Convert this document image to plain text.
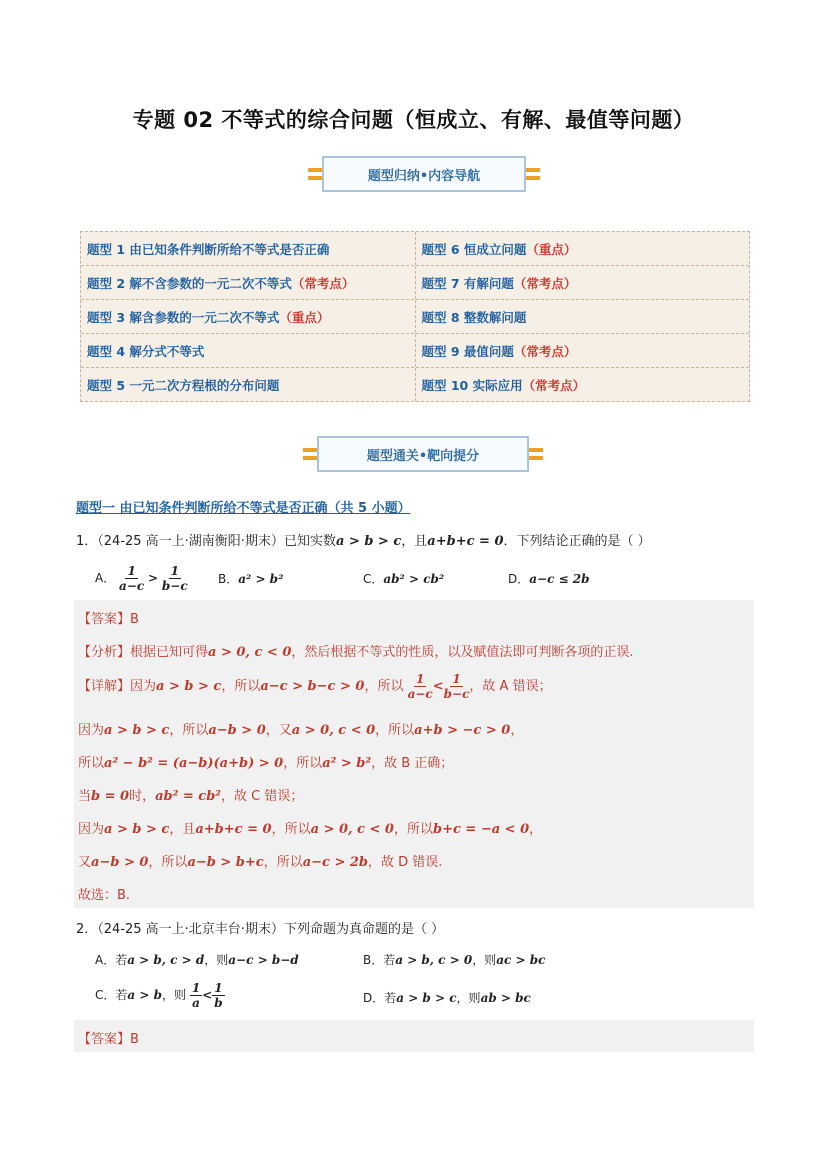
专题 02 不等式的综合问题（恒成立、有解、最值等问题）
题型归纳•内容导航
题型 1 由已知条件判断所给不等式是否正确	题型 6 恒成立问题 （重点）
题型 2 解不含参数的一元二次不等式 （常考点）	题型 7 有解问题 （常考点）
题型 3 解含参数的一元二次不等式 （重点）	题型 8 整数解问题
题型 4 解分式不等式	题型 9 最值问题 （常考点）
题型 5 一元二次方程根的分布问题	题型 10 实际应用 （常考点）
题型通关•靶向提分
题型一 由已知条件判断所给不等式是否正确（共 5 小题）
1．（24-25 高一上·湖南衡阳·期末）已知实数a > b > c，且a+b+c = 0．下列结论正确的是（ ）
A． $\frac{1}{a-c} > \frac{1}{b-c}$	B．a² > b²	C．ab² > cb²	D．a−c ≤ 2b
【答案】B
【分析】根据已知可得a > 0, c < 0，然后根据不等式的性质，以及赋值法即可判断各项的正误.
【详解】因为a > b > c，所以a−c > b−c > 0，所以 $\frac{1}{a-c} < \frac{1}{b-c}$ ，故 A 错误；
因为a > b > c，所以a−b > 0，又a > 0, c < 0，所以a+b > −c > 0，
所以a² − b² = (a−b)(a+b) > 0，所以a² > b²，故 B 正确；
当b = 0时，ab² = cb²，故 C 错误；
因为a > b > c，且a+b+c = 0，所以a > 0, c < 0，所以b+c = −a < 0，
又a−b > 0，所以a−b > b+c，所以a−c > 2b，故 D 错误.
故选：B.
2．（24-25 高一上·北京丰台·期末）下列命题为真命题的是（ ）
A．若a > b, c > d，则a−c > b−d	B．若a > b, c > 0，则ac > bc
C．若a > b，则 $\frac{1}{a} < \frac{1}{b}$	D．若a > b > c，则ab > bc
【答案】B
